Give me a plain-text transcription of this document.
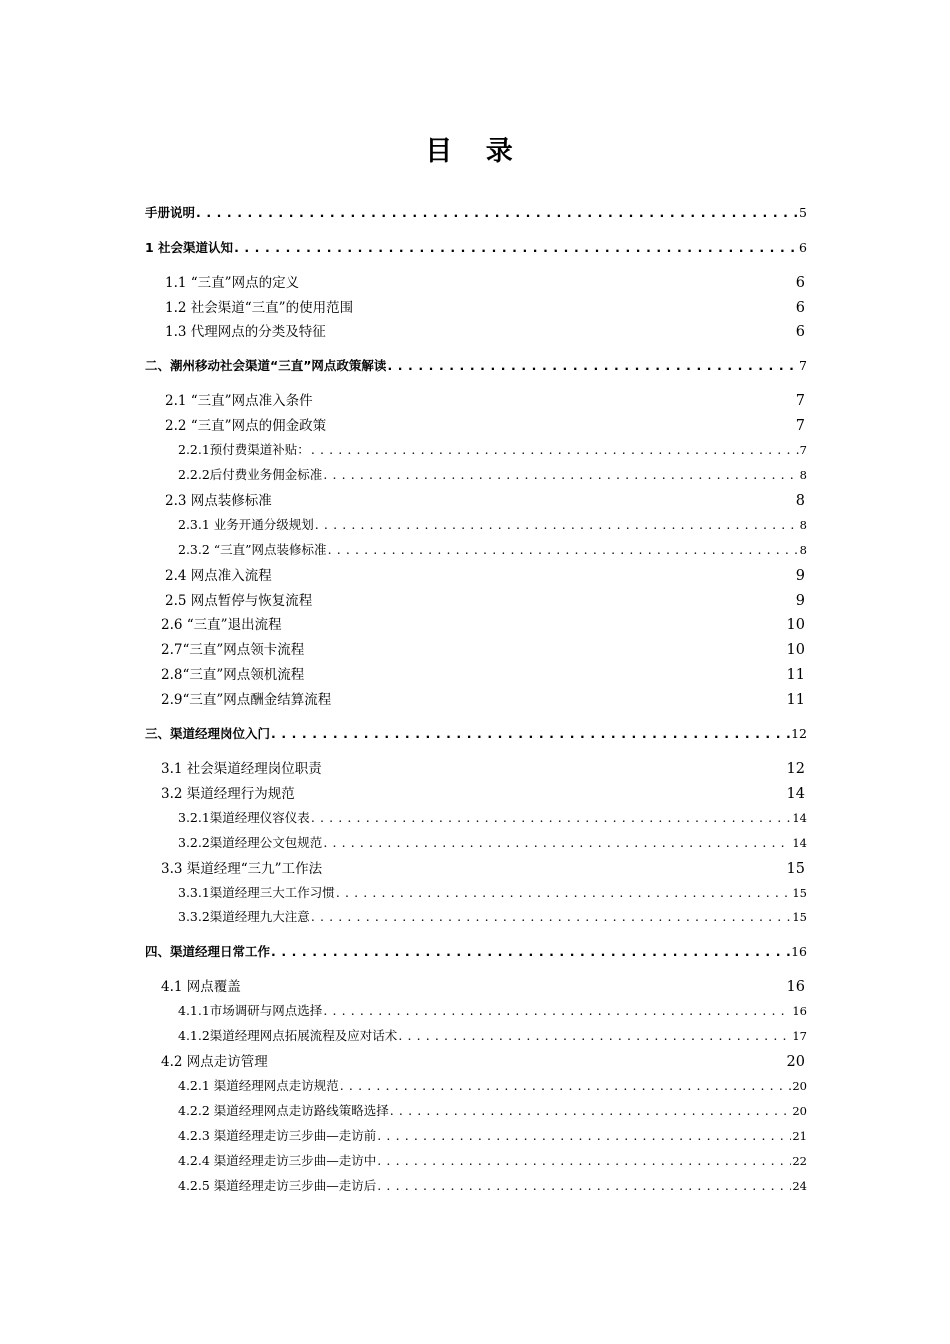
目 录
手册说明 . . .	5
1 社会渠道认知 . . .	6
1.1 “三直”网点的定义	6
1.2 社会渠道“三直”的使用范围	6
1.3 代理网点的分类及特征	6
二、潮州移动社会渠道“三直”网点政策解读 . . .	7
2.1 “三直”网点准入条件	7
2.2 “三直”网点的佣金政策	7
2.2.1预付费渠道补贴： . . .	7
2.2.2后付费业务佣金标准 . . .	8
2.3 网点装修标准	8
2.3.1 业务开通分级规划 . . .	8
2.3.2 “三直”网点装修标准 . . .	8
2.4 网点准入流程	9
2.5 网点暂停与恢复流程	9
2.6 “三直”退出流程	10
2.7“三直”网点领卡流程	10
2.8“三直”网点领机流程	11
2.9“三直”网点酬金结算流程	11
三、渠道经理岗位入门 . . .	12
3.1 社会渠道经理岗位职责	12
3.2 渠道经理行为规范	14
3.2.1渠道经理仪容仪表 . . .	14
3.2.2渠道经理公文包规范 . . .	14
3.3 渠道经理“三九”工作法	15
3.3.1渠道经理三大工作习惯 . . .	15
3.3.2渠道经理九大注意 . . .	15
四、渠道经理日常工作 . . .	16
4.1 网点覆盖	16
4.1.1市场调研与网点选择 . . .	16
4.1.2渠道经理网点拓展流程及应对话术 . . .	17
4.2 网点走访管理	20
4.2.1 渠道经理网点走访规范 . . .	20
4.2.2 渠道经理网点走访路线策略选择 . . .	20
4.2.3 渠道经理走访三步曲—走访前 . . .	21
4.2.4 渠道经理走访三步曲—走访中 . . .	22
4.2.5 渠道经理走访三步曲—走访后 . . .	24
